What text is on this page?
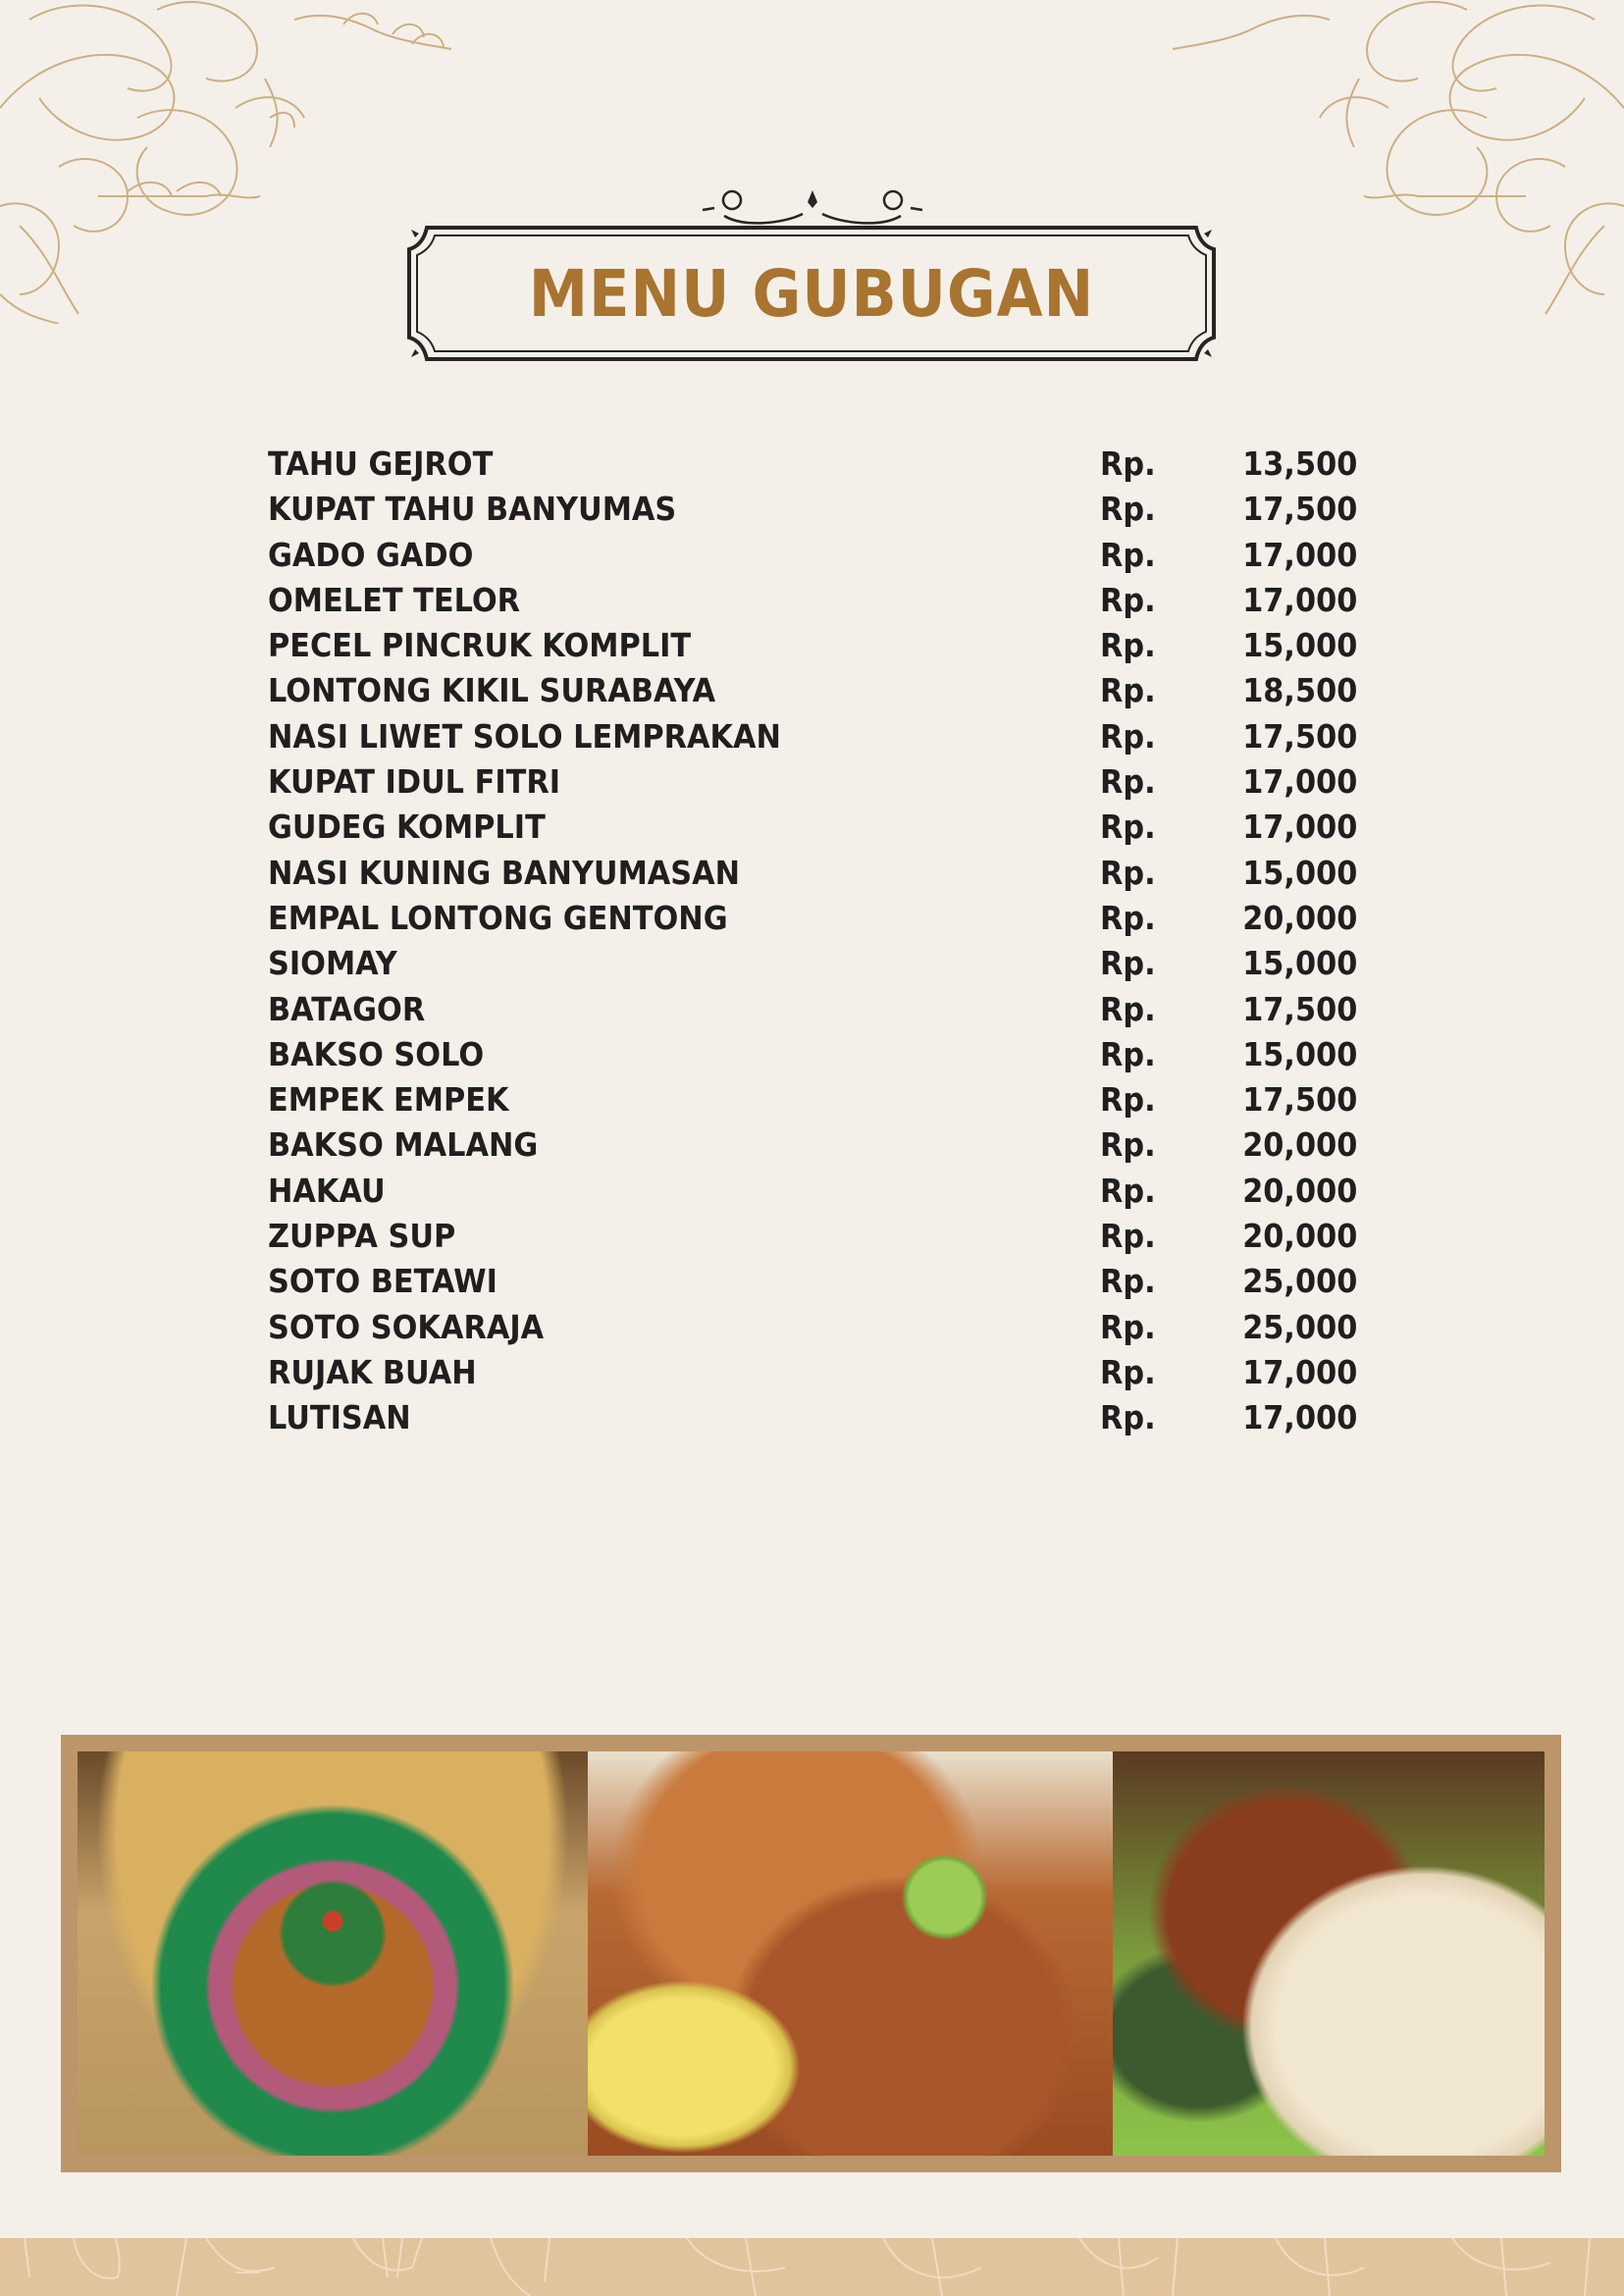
MENU GUBUGAN
TAHU GEJROT	Rp.	13,500
KUPAT TAHU BANYUMAS	Rp.	17,500
GADO GADO	Rp.	17,000
OMELET TELOR	Rp.	17,000
PECEL PINCRUK KOMPLIT	Rp.	15,000
LONTONG KIKIL SURABAYA	Rp.	18,500
NASI LIWET SOLO LEMPRAKAN	Rp.	17,500
KUPAT IDUL FITRI	Rp.	17,000
GUDEG KOMPLIT	Rp.	17,000
NASI KUNING BANYUMASAN	Rp.	15,000
EMPAL LONTONG GENTONG	Rp.	20,000
SIOMAY	Rp.	15,000
BATAGOR	Rp.	17,500
BAKSO SOLO	Rp.	15,000
EMPEK EMPEK	Rp.	17,500
BAKSO MALANG	Rp.	20,000
HAKAU	Rp.	20,000
ZUPPA SUP	Rp.	20,000
SOTO BETAWI	Rp.	25,000
SOTO SOKARAJA	Rp.	25,000
RUJAK BUAH	Rp.	17,000
LUTISAN	Rp.	17,000
